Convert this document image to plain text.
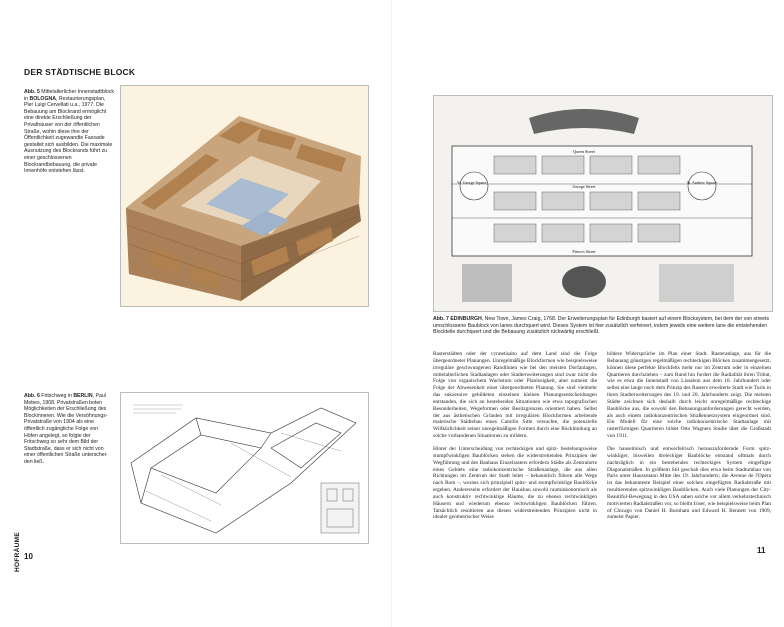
DER STÄDTISCHE BLOCK
Abb. 5 Mittelalterlicher Innenstadtblock in BOLOGNA, Restaurierungsplan, Pier Luigi Cervellati u.a., 1977. Die Bebauung am Blockrand ermöglicht eine direkte Erschließung der Privathäuser von der öffentlichen Straße, wohin diese ihre der Öffentlichkeit zugewandte Fassade gestaltet sich ausbilden. Die maximale Ausnutzung des Blockrands führt zu einer geschlossenen Blockrandbebauung, die private Innenhöfe entstehen lässt.
Abb. 6 Fritschweg in BERLIN, Paul Mebes, 1908. Privatstraßen boten Möglichkeiten der Erschließung des Blockinneren. Wie die Versöhnungs-Privatstraße von 1904 als eine öffentlich zugängliche Folge von Höfen angelegt, so folgte der Fritschweg so sehr dem Bild der Stadtstraße, dass er sich nicht von einer öffentlichen Straße unterscheiden ließ.
HOFRÄUME 10
St. George Square	St. Andrew Square
George Street
Queen Street
Princes Street
Abb. 7 EDINBURGH, New Town, James Craig, 1768. Der Erweiterungsplan für Edinburgh basiert auf einem Blocksystem, bei dem der von streets umschlossene Baublock von lanes durchquert wird. Dieses System ist hier zusätzlich verfeinert, indem jeweils eine weitere lane die entstehenden Blockteile durchquert und die Bebauung zusätzlich rückwärtig erschließt.

Rasterstädten oder der cynnetisabo auf dem Land sind die Folge übergeordneter Planungen. Unregelmäßige Blockformen wie beispielsweise irreguläre geschwungenen Randlinien wie bei den meisten Dorfanlagen, mittelalterlichen Stadtanlagen oder Stadterweiterungen sind zwar nicht die Folge von organischem Wachstum oder Planlosigkeit, aber zumeist die Folge der Abwesenheit einer übergeordneten Planung. Sie sind vielmehr das sukzessive gebildeten einzelnen kleinen Planungsentscheidungen entstanden, die sich an bestehenden Situationen wie etwa topografischen Besonderheiten, Wegeformen oder Besitzgrenzen orientiert haben. Selbst der aus ästhetischen Gründen mit irregulären Blockformen arbeitende malerische Städtebau eines Camillo Sitte versuchte, die potenzielle Willkürlichkeit seiner unregelmäßigen Formen durch eine Rückbindung an solche vorhandenen Situationen zu mildern.

Hinter der Unterscheidung von rechteckigen und spitz- bestehungsweise stumpfwinkligen Baublöcken stehen die widerstreitenden Prinzipien der Wegführung und des Bauhaus Einzelrasters erfordern Städte als Zentralorte eines Gebiets eine radiokonzentrische Straßenanlage, die aus allen Richtungen im Zentrum der Stadt leitet – bekanntlich führen alle Wege nach Rom –, woraus sich prinzipiell spitz- und stumpfwinklige Baublöcke ergeben. Andererseits erfordert der Hausbau sowohl rauminkonomisch als auch konstruktiv rechtwinklige Räume, die zu ebenso rechtwinkligen Häusern und wiederum ebenso rechtwinkligen Baublöcken führen. Tatsächlich resultieren aus diesen widerstreitenden Prinzipien nicht in idealer geometrischer Weise

bildere Widersprüche im Plan einer Stadt. Rasteranlage, aus für die Bebauung günstigen regelmäßigen rechteckigen Blöcken zusammengesetzt, können diese perfekte Blockfelts mehr nur im Zentrum oder in einzelnen Quartieren durchziehen – zum Rund hin fordert die Radialität ihren Tribut, wie es etwa die Innenstadt von Lissabon aus dem 18. Jahrhundert oder selbst eine lange noch dem Prinzip des Rasters erweiterte Stadt wie Turin in ihren Stadterweiterungen des 19. und 20. Jahrhunderts zeigt. Die meisten Städte zeichnen sich deshalb durch leicht unregelmäßige rechteckige Baublöcke aus, die sowohl den Bebauungsanforderungen gerecht werden, als auch einem radiokonzentrischen Straßennetzsystem eingeordnet sind. Ein Modell für eine solche radiokonzentrische Stadtanlage mit rasterförmigen Quartieren bildet Otto Wagners Studie über die Großstadt von 1911.

Die hauseitnisch und entwerfelrisch herauszufordernde Form spitzwinkliger, bisweilen dreieckiger Baublöcke entstand oftmals durch nachträglich in ein bestehendes rechteckiges System eingefügte Diagonalstraßen. In größtem Stil geschah dies etwa beim Stadtumbau von Paris unter Haussmann Mitte des 19. Jahrhunderts; die Avenue de l'Opéra ist das bekannteste Beispiel einer solchen eingefügten Radialstraße mit resultierenden spitzwinkligen Baublöcken. Auch viele Planungen der City-Beautiful-Bewegung in den USA sahen solche vor allem verkehrstechnisch motivierten Radialstraßen vor, so bleibt Iriser, wie beispielsweise beim Plan of Chicago von Daniel H. Burnham und Edward H. Bennett von 1909, zumeist Papier.

11
